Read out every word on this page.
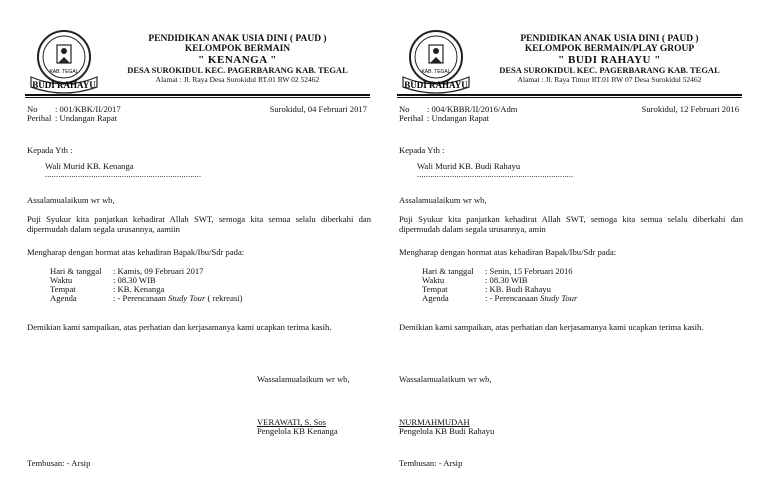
KAB. TEGAL
BUDI RAHAYU
PENDIDIKAN ANAK USIA DINI ( PAUD )
KELOMPOK BERMAIN
" KENANGA "
DESA SUROKIDUL KEC. PAGERBARANG KAB. TEGAL
Alamat : Jl. Raya Desa Surokidul RT.01 RW 02 52462
No : 001/KBK/II/2017	Surokidul, 04 Februari 2017
Perihal : Undangan Rapat
Kepada Yth :
Wali Murid KB. Kenanga
.......................................................................
Assalamualaikum wr wb,
Puji Syukur kita panjatkan kehadirat Allah SWT, semoga kita semua selalu diberkahi dan dipermudah dalam segala urusannya, aamiin
Mengharap dengan hormat atas kehadiran Bapak/Ibu/Sdr pada:
Hari & tanggal : Kamis, 09 Februari 2017
Waktu	: 08.30 WIB
Tempat	: KB. Kenanga
Agenda	: - Perencanaan Study Tour ( rekreasi)
Demikian kami sampaikan, atas perhatian dan kerjasamanya kami ucapkan terima kasih.
Wassalamualaikum wr wb,
VERAWATI, S. Sos
Pengelola KB Kenanga
Tembusan: - Arsip
KAB. TEGAL
BUDI RAHAYU
PENDIDIKAN ANAK USIA DINI ( PAUD )
KELOMPOK BERMAIN/PLAY GROUP
" BUDI RAHAYU "
DESA SUROKIDUL KEC. PAGERBARANG KAB. TEGAL
Alamat : Jl. Raya Timur RT.01 RW 07 Desa Surokidul 52462
No : 004/KBBR/II/2016/Adm	Surokidul, 12 Februari 2016
Perihal : Undangan Rapat
Kepada Yth :
Wali Murid KB. Budi Rahayu
.......................................................................
Assalamualaikum wr wb,
Puji Syukur kita panjatkan kehadirat Allah SWT, semoga kita semua selalu diberkahi dan dipermudah dalam segala urusannya, amin
Mengharap dengan hormat atas kehadiran Bapak/Ibu/Sdr pada:
Hari & tanggal : Senin, 15 Februari 2016
Waktu	: 08.30 WIB
Tempat	: KB. Budi Rahayu
Agenda	: - Perencanaan Study Tour
Demikian kami sampaikan, atas perhatian dan kerjasamanya kami ucapkan terima kasih.
Wassalamualaikum wr wb,
NURMAHMUDAH
Pengelola KB Budi Rahayu
Tembusan: - Arsip
